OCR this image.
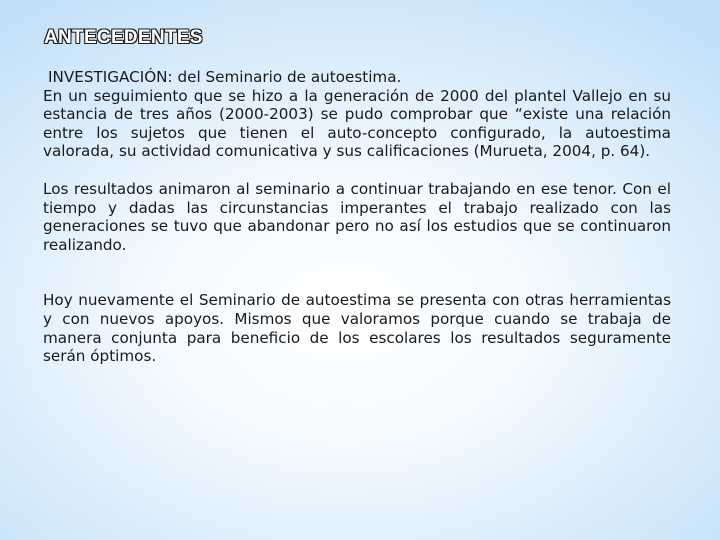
ANTECEDENTES

INVESTIGACIÓN: del Seminario de autoestima.

En un seguimiento que se hizo a la generación de 2000 del plantel Vallejo en su estancia de tres años (2000-2003) se pudo comprobar que “existe una relación entre los sujetos que tienen el auto-concepto configurado, la autoestima valorada, su actividad comunicativa y sus calificaciones (Murueta, 2004, p. 64).

Los resultados animaron al seminario a continuar trabajando en ese tenor. Con el tiempo y dadas las circunstancias imperantes el trabajo realizado con las generaciones se tuvo que abandonar pero no así los estudios que se continuaron realizando.

Hoy nuevamente el Seminario de autoestima se presenta con otras herramientas y con nuevos apoyos. Mismos que valoramos porque cuando se trabaja de manera conjunta para beneficio de los escolares los resultados seguramente serán óptimos.
